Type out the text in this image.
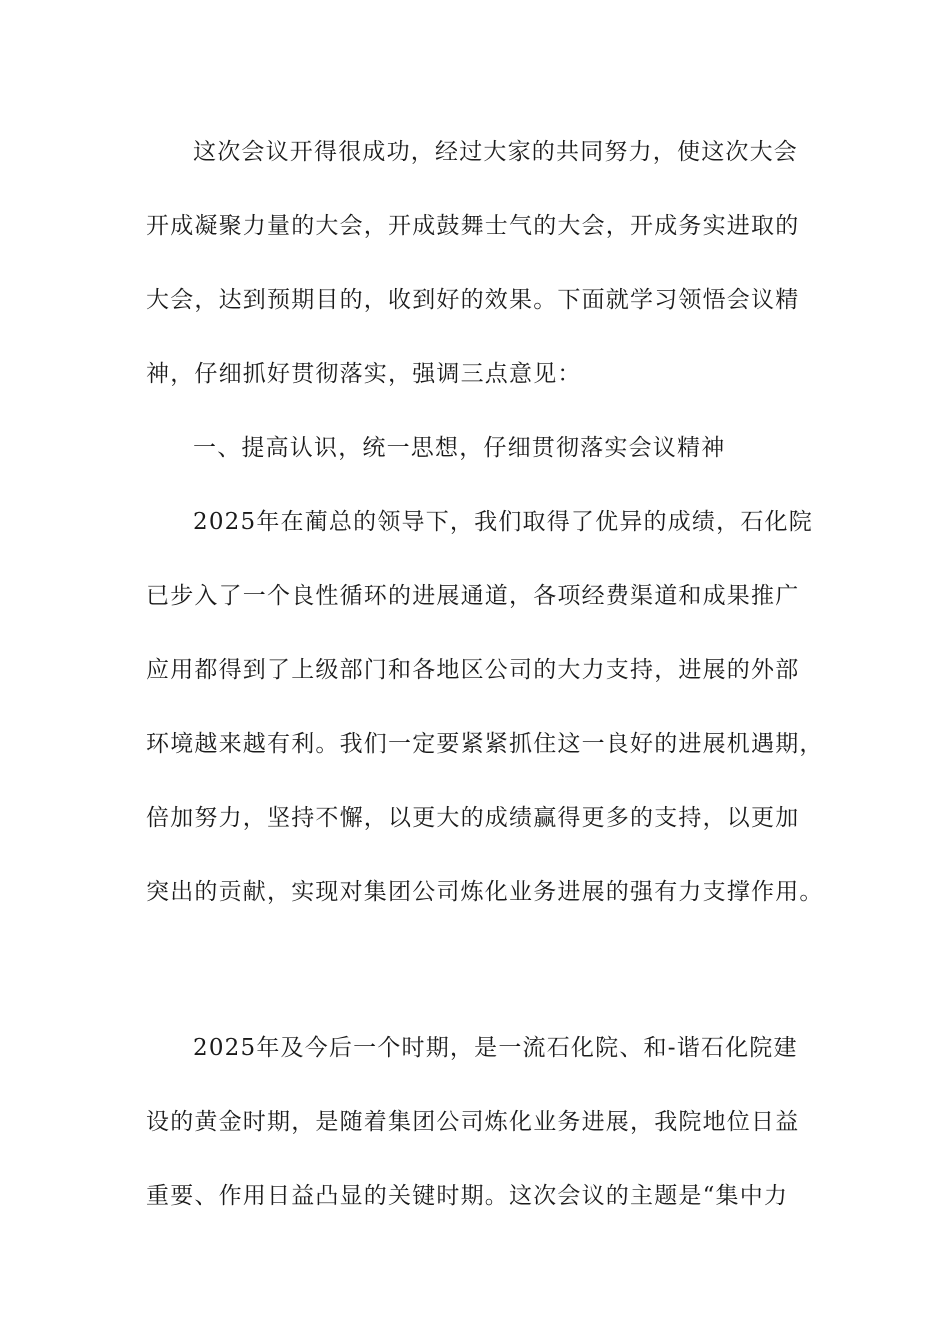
这次会议开得很成功，经过大家的共同努力，使这次大会
开成凝聚力量的大会，开成鼓舞士气的大会，开成务实进取的
大会，达到预期目的，收到好的效果。下面就学习领悟会议精
神，仔细抓好贯彻落实，强调三点意见：
一、提高认识，统一思想，仔细贯彻落实会议精神
2025年在蔺总的领导下，我们取得了优异的成绩，石化院
已步入了一个良性循环的进展通道，各项经费渠道和成果推广
应用都得到了上级部门和各地区公司的大力支持，进展的外部
环境越来越有利。我们一定要紧紧抓住这一良好的进展机遇期，
倍加努力，坚持不懈，以更大的成绩赢得更多的支持，以更加
突出的贡献，实现对集团公司炼化业务进展的强有力支撑作用。
2025年及今后一个时期，是一流石化院、和-谐石化院建
设的黄金时期，是随着集团公司炼化业务进展，我院地位日益
重要、作用日益凸显的关键时期。这次会议的主题是“集中力
